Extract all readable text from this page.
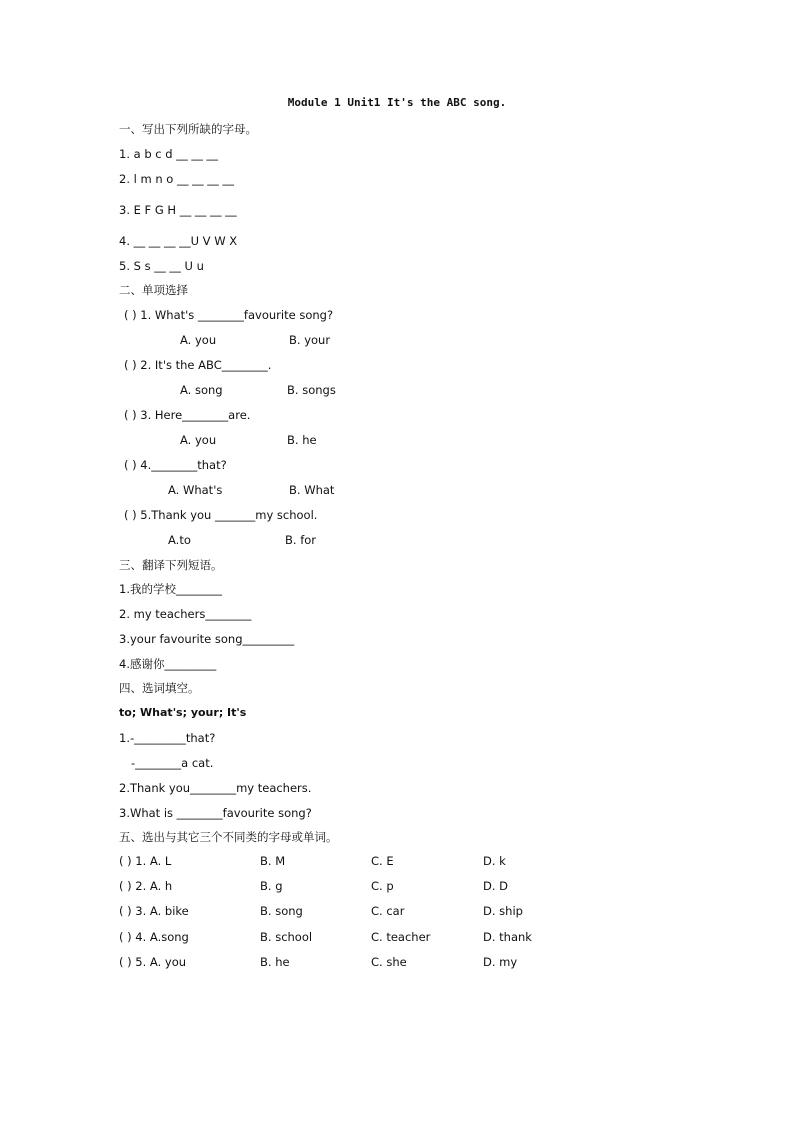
Module 1 Unit1 It's the ABC song.
一、写出下列所缺的字母。
1. a b c d __ __ __
2. l m n o __ __ __ __
3. E F G H __ __ __ __
4. __ __ __ __U V W X
5. S s __ __ U u
二、单项选择
( ) 1. What's ________favourite song?
A. you	B. your
( ) 2. It's the ABC________.
A. song	B. songs
( ) 3. Here________are.
A. you	B. he
( ) 4.________that?
A. What's	B. What
( ) 5.Thank you _______my school.
A.to	B. for
三、翻译下列短语。
1.我的学校________
2. my teachers________
3.your favourite song_________
4.感谢你_________
四、选词填空。
to; What's; your; It's
1.-_________that?
-________a cat.
2.Thank you________my teachers.
3.What is ________favourite song?
五、选出与其它三个不同类的字母或单词。
( ) 1. A. L	B. M	C. E	D. k
( ) 2. A. h	B. g	C. p	D. D
( ) 3. A. bike	B. song	C. car	D. ship
( ) 4. A.song	B. school	C. teacher	D. thank
( ) 5. A. you	B. he	C. she	D. my
